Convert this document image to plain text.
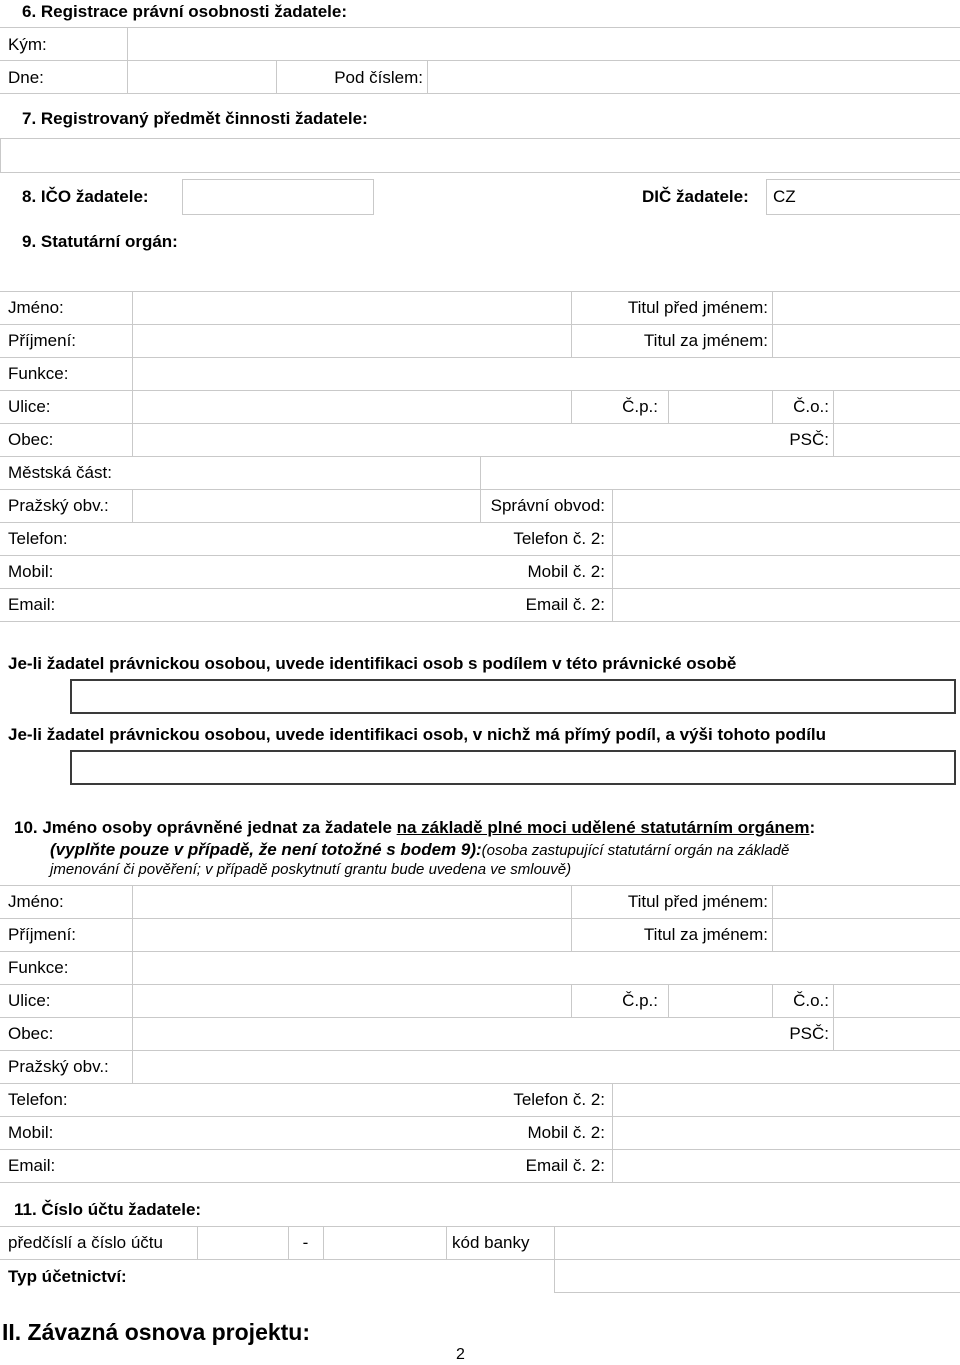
6. Registrace právní osobnosti žadatele:
Kým:
Dne:	Pod číslem:
7. Registrovaný předmět činnosti žadatele:
8. IČO žadatele:	DIČ žadatele: CZ
9. Statutární orgán:
Jméno:	Titul před jménem:
Příjmení:	Titul za jménem:
Funkce:
Ulice:	Č.p.:	Č.o.:
Obec:	PSČ:
Městská část:
Pražský obv.:	Správní obvod:
Telefon:	Telefon č. 2:
Mobil:	Mobil č. 2:
Email:	Email č. 2:
Je-li žadatel právnickou osobou, uvede identifikaci osob s podílem v této právnické osobě
Je-li žadatel právnickou osobou, uvede identifikaci osob, v nichž má přímý podíl, a výši tohoto podílu
10. Jméno osoby oprávněné jednat za žadatele na základě plné moci udělené statutárním orgánem:
(vyplňte pouze v případě, že není totožné s bodem 9):(osoba zastupující statutární orgán na základě
jmenování či pověření; v případě poskytnutí grantu bude uvedena ve smlouvě)
Jméno:	Titul před jménem:
Příjmení:	Titul za jménem:
Funkce:
Ulice:	Č.p.:	Č.o.:
Obec:	PSČ:
Pražský obv.:
Telefon:	Telefon č. 2:
Mobil:	Mobil č. 2:
Email:	Email č. 2:
11. Číslo účtu žadatele:
předčíslí a číslo účtu	-	kód banky
Typ účetnictví:
II. Závazná osnova projektu:
2
